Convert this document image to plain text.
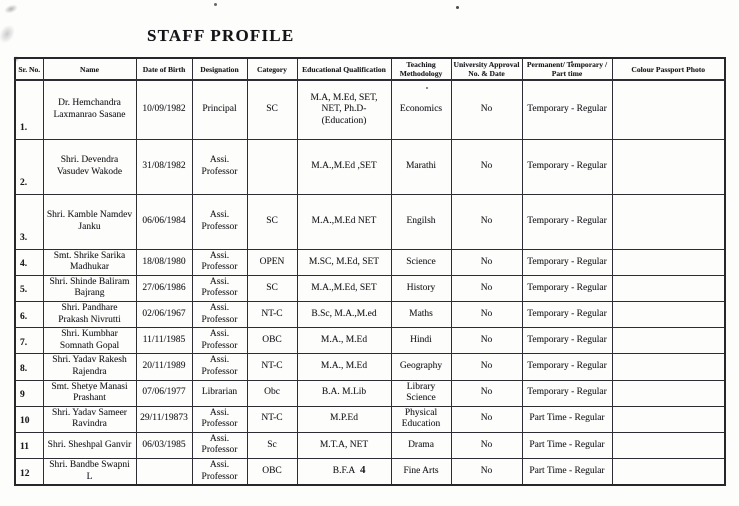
STAFF PROFILE
Sr. No.	Name	Date of Birth	Designation	Category	Educational Qualification	Teaching Methodology	University Approval No. & Date	Permanent/ Temporary / Part time	Colour Passport Photo
1.	Dr. Hemchandra Laxmanrao Sasane	10/09/1982	Principal	SC	M.A, M.Ed, SET, NET, Ph.D- (Education)	Economics	No	Temporary - Regular	
2.	Shri. Devendra Vasudev Wakode	31/08/1982	Assi. Professor		M.A.,M.Ed ,SET	Marathi	No	Temporary - Regular	
3.	Shri. Kamble Namdev Janku	06/06/1984	Assi. Professor	SC	M.A.,M.Ed NET	Engilsh	No	Temporary - Regular	
4.	Smt. Shrike Sarika Madhukar	18/08/1980	Assi. Professor	OPEN	M.SC, M.Ed, SET	Science	No	Temporary - Regular	
5.	Shri. Shinde Baliram Bajrang	27/06/1986	Assi. Professor	SC	M.A.,M.Ed, SET	History	No	Temporary - Regular	
6.	Shri. Pandhare Prakash Nivrutti	02/06/1967	Assi. Professor	NT-C	B.Sc, M.A.,M.ed	Maths	No	Temporary - Regular	
7.	Shri. Kumbhar Somnath Gopal	11/11/1985	Assi. Professor	OBC	M.A., M.Ed	Hindi	No	Temporary - Regular	
8.	Shri. Yadav Rakesh Rajendra	20/11/1989	Assi. Professor	NT-C	M.A., M.Ed	Geography	No	Temporary - Regular	
9	Smt. Shetye Manasi Prashant	07/06/1977	Librarian	Obc	B.A. M.Lib	Library Science	No	Temporary - Regular	
10	Shri. Yadav Sameer Ravindra	29/11/19873	Assi. Professor	NT-C	M.P.Ed	Physical Education	No	Part Time - Regular	
11	Shri. Sheshpal Ganvir	06/03/1985	Assi. Professor	Sc	M.T.A, NET	Drama	No	Part Time - Regular	
12	Shri. Bandbe Swapni L		Assi. Professor	OBC	B.F.A	Fine Arts	No	Part Time - Regular	
4
